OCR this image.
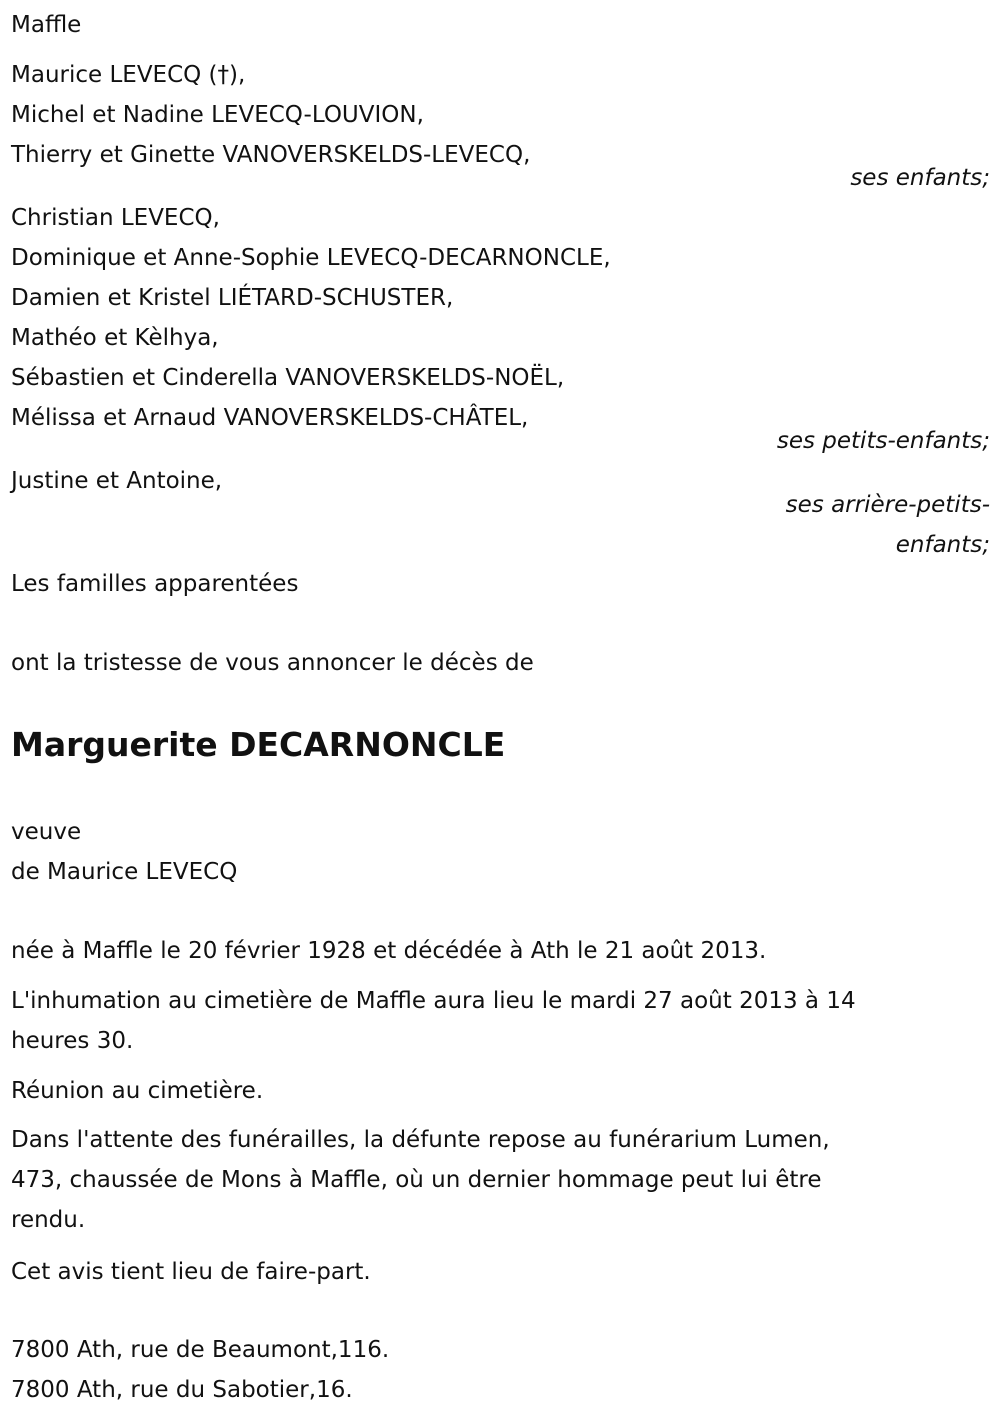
Maffle
Maurice LEVECQ (†),
Michel et Nadine LEVECQ-LOUVION,
Thierry et Ginette VANOVERSKELDS-LEVECQ,
ses enfants;
Christian LEVECQ,
Dominique et Anne-Sophie LEVECQ-DECARNONCLE,
Damien et Kristel LIÉTARD-SCHUSTER,
Mathéo et Kèlhya,
Sébastien et Cinderella VANOVERSKELDS-NOËL,
Mélissa et Arnaud VANOVERSKELDS-CHÂTEL,
ses petits-enfants;
Justine et Antoine,
ses arrière-petits-
enfants;
Les familles apparentées
ont la tristesse de vous annoncer le décès de
Marguerite DECARNONCLE
veuve
de Maurice LEVECQ
née à Maffle le 20 février 1928 et décédée à Ath le 21 août 2013.
L'inhumation au cimetière de Maffle aura lieu le mardi 27 août 2013 à 14
heures 30.
Réunion au cimetière.
Dans l'attente des funérailles, la défunte repose au funérarium Lumen,
473, chaussée de Mons à Maffle, où un dernier hommage peut lui être
rendu.
Cet avis tient lieu de faire-part.
7800 Ath, rue de Beaumont,116.
7800 Ath, rue du Sabotier,16.
